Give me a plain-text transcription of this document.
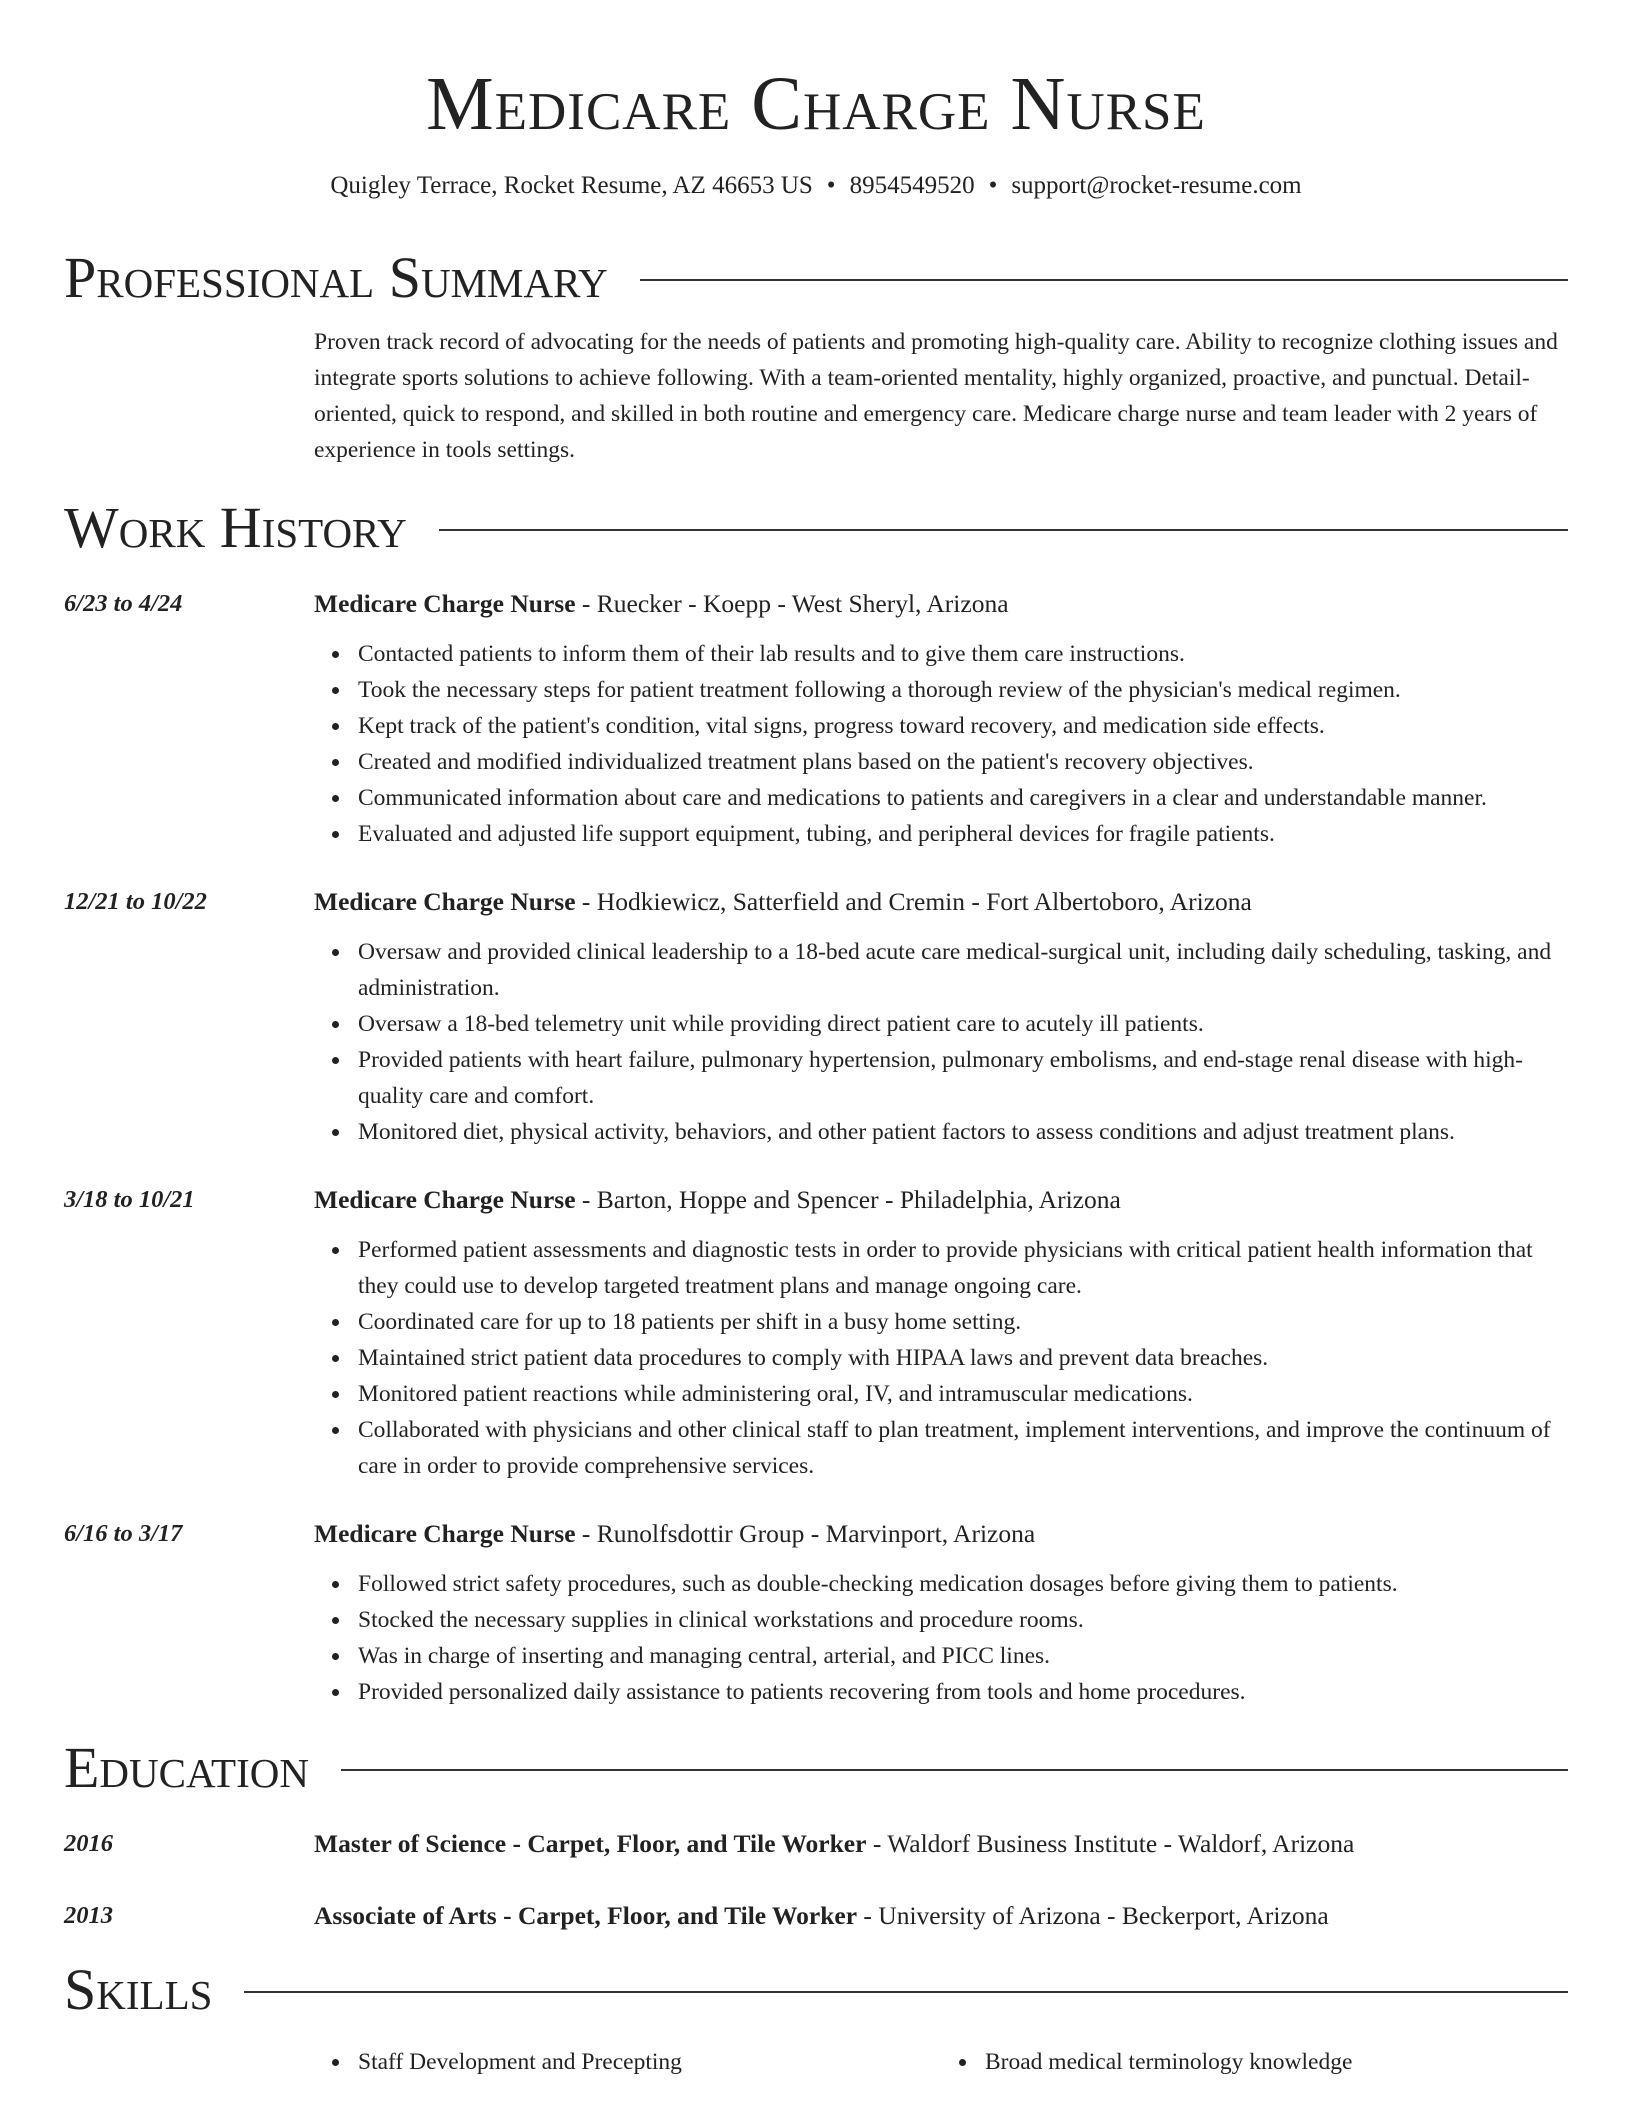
Medicare Charge Nurse
Quigley Terrace, Rocket Resume, AZ 46653 US • 8954549520 • support@rocket-resume.com
Professional Summary

Proven track record of advocating for the needs of patients and promoting high-quality care. Ability to recognize clothing issues and integrate sports solutions to achieve following. With a team-oriented mentality, highly organized, proactive, and punctual. Detail-oriented, quick to respond, and skilled in both routine and emergency care. Medicare charge nurse and team leader with 2 years of experience in tools settings.

Work History
6/23 to 4/24	Medicare Charge Nurse - Ruecker - Koepp - West Sheryl, Arizona
Contacted patients to inform them of their lab results and to give them care instructions.
Took the necessary steps for patient treatment following a thorough review of the physician's medical regimen.
Kept track of the patient's condition, vital signs, progress toward recovery, and medication side effects.
Created and modified individualized treatment plans based on the patient's recovery objectives.
Communicated information about care and medications to patients and caregivers in a clear and understandable manner.
Evaluated and adjusted life support equipment, tubing, and peripheral devices for fragile patients.
12/21 to 10/22	Medicare Charge Nurse - Hodkiewicz, Satterfield and Cremin - Fort Albertoboro, Arizona
Oversaw and provided clinical leadership to a 18-bed acute care medical-surgical unit, including daily scheduling, tasking, and administration.
Oversaw a 18-bed telemetry unit while providing direct patient care to acutely ill patients.
Provided patients with heart failure, pulmonary hypertension, pulmonary embolisms, and end-stage renal disease with high-quality care and comfort.
Monitored diet, physical activity, behaviors, and other patient factors to assess conditions and adjust treatment plans.
3/18 to 10/21	Medicare Charge Nurse - Barton, Hoppe and Spencer - Philadelphia, Arizona
Performed patient assessments and diagnostic tests in order to provide physicians with critical patient health information that they could use to develop targeted treatment plans and manage ongoing care.
Coordinated care for up to 18 patients per shift in a busy home setting.
Maintained strict patient data procedures to comply with HIPAA laws and prevent data breaches.
Monitored patient reactions while administering oral, IV, and intramuscular medications.
Collaborated with physicians and other clinical staff to plan treatment, implement interventions, and improve the continuum of care in order to provide comprehensive services.
6/16 to 3/17	Medicare Charge Nurse - Runolfsdottir Group - Marvinport, Arizona
Followed strict safety procedures, such as double-checking medication dosages before giving them to patients.
Stocked the necessary supplies in clinical workstations and procedure rooms.
Was in charge of inserting and managing central, arterial, and PICC lines.
Provided personalized daily assistance to patients recovering from tools and home procedures.
Education
2016	Master of Science - Carpet, Floor, and Tile Worker - Waldorf Business Institute - Waldorf, Arizona
2013	Associate of Arts - Carpet, Floor, and Tile Worker - University of Arizona - Beckerport, Arizona
Skills
Staff Development and Precepting	Broad medical terminology knowledge
